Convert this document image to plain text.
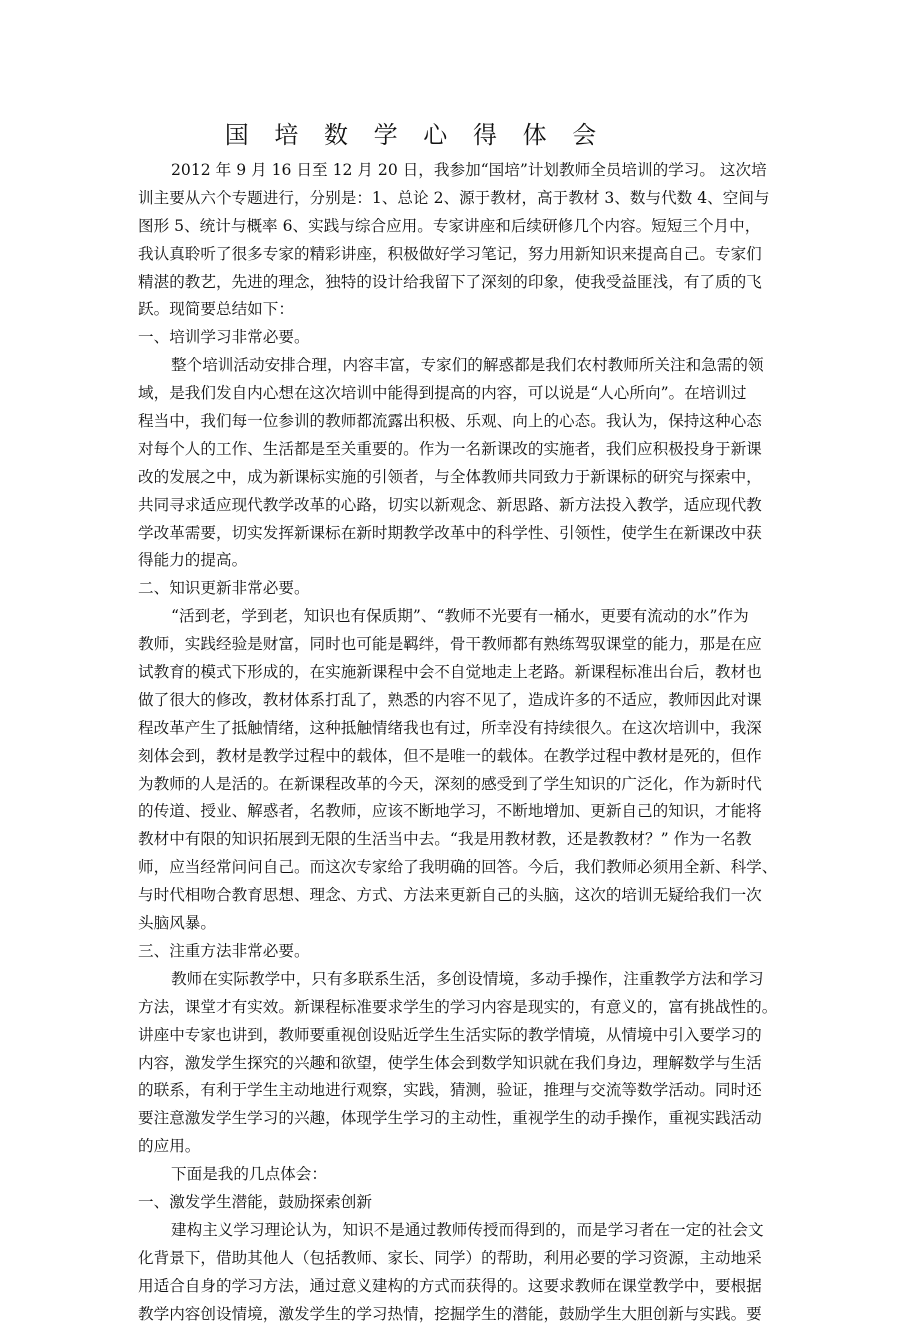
国 培 数 学 心 得 体 会
2012 年 9 月 16 日至 12 月 20 日，我参加“国培”计划教师全员培训的学习。 这次培
训主要从六个专题进行，分别是：1、总论 2、源于教材，高于教材 3、数与代数 4、空间与
图形 5、统计与概率 6、实践与综合应用。专家讲座和后续研修几个内容。短短三个月中，
我认真聆听了很多专家的精彩讲座，积极做好学习笔记，努力用新知识来提高自己。专家们
精湛的教艺，先进的理念，独特的设计给我留下了深刻的印象，使我受益匪浅，有了质的飞
跃。现简要总结如下：
一、培训学习非常必要。
整个培训活动安排合理，内容丰富，专家们的解惑都是我们农村教师所关注和急需的领
域，是我们发自内心想在这次培训中能得到提高的内容，可以说是“人心所向”。在培训过
程当中，我们每一位参训的教师都流露出积极、乐观、向上的心态。我认为，保持这种心态
对每个人的工作、生活都是至关重要的。作为一名新课改的实施者，我们应积极投身于新课
改的发展之中，成为新课标实施的引领者，与全体教师共同致力于新课标的研究与探索中，
共同寻求适应现代教学改革的心路，切实以新观念、新思路、新方法投入教学，适应现代教
学改革需要，切实发挥新课标在新时期教学改革中的科学性、引领性，使学生在新课改中获
得能力的提高。
二、知识更新非常必要。
“活到老，学到老，知识也有保质期”、“教师不光要有一桶水，更要有流动的水”作为
教师，实践经验是财富，同时也可能是羁绊，骨干教师都有熟练驾驭课堂的能力，那是在应
试教育的模式下形成的，在实施新课程中会不自觉地走上老路。新课程标准出台后，教材也
做了很大的修改，教材体系打乱了，熟悉的内容不见了，造成许多的不适应，教师因此对课
程改革产生了抵触情绪，这种抵触情绪我也有过，所幸没有持续很久。在这次培训中，我深
刻体会到，教材是教学过程中的载体，但不是唯一的载体。在教学过程中教材是死的，但作
为教师的人是活的。在新课程改革的今天，深刻的感受到了学生知识的广泛化，作为新时代
的传道、授业、解惑者，名教师，应该不断地学习，不断地增加、更新自己的知识，才能将
教材中有限的知识拓展到无限的生活当中去。“我是用教材教，还是教教材？” 作为一名教
师，应当经常问问自己。而这次专家给了我明确的回答。今后，我们教师必须用全新、科学、
与时代相吻合教育思想、理念、方式、方法来更新自己的头脑，这次的培训无疑给我们一次
头脑风暴。
三、注重方法非常必要。
教师在实际教学中，只有多联系生活，多创设情境，多动手操作，注重教学方法和学习
方法，课堂才有实效。新课程标准要求学生的学习内容是现实的，有意义的，富有挑战性的。
讲座中专家也讲到，教师要重视创设贴近学生生活实际的教学情境，从情境中引入要学习的
内容，激发学生探究的兴趣和欲望，使学生体会到数学知识就在我们身边，理解数学与生活
的联系，有利于学生主动地进行观察，实践，猜测，验证，推理与交流等数学活动。同时还
要注意激发学生学习的兴趣，体现学生学习的主动性，重视学生的动手操作，重视实践活动
的应用。
下面是我的几点体会：
一、激发学生潜能，鼓励探索创新
建构主义学习理论认为，知识不是通过教师传授而得到的，而是学习者在一定的社会文
化背景下，借助其他人（包括教师、家长、同学）的帮助，利用必要的学习资源，主动地采
用适合自身的学习方法，通过意义建构的方式而获得的。这要求教师在课堂教学中，要根据
教学内容创设情境，激发学生的学习热情，挖掘学生的潜能，鼓励学生大胆创新与实践。要
